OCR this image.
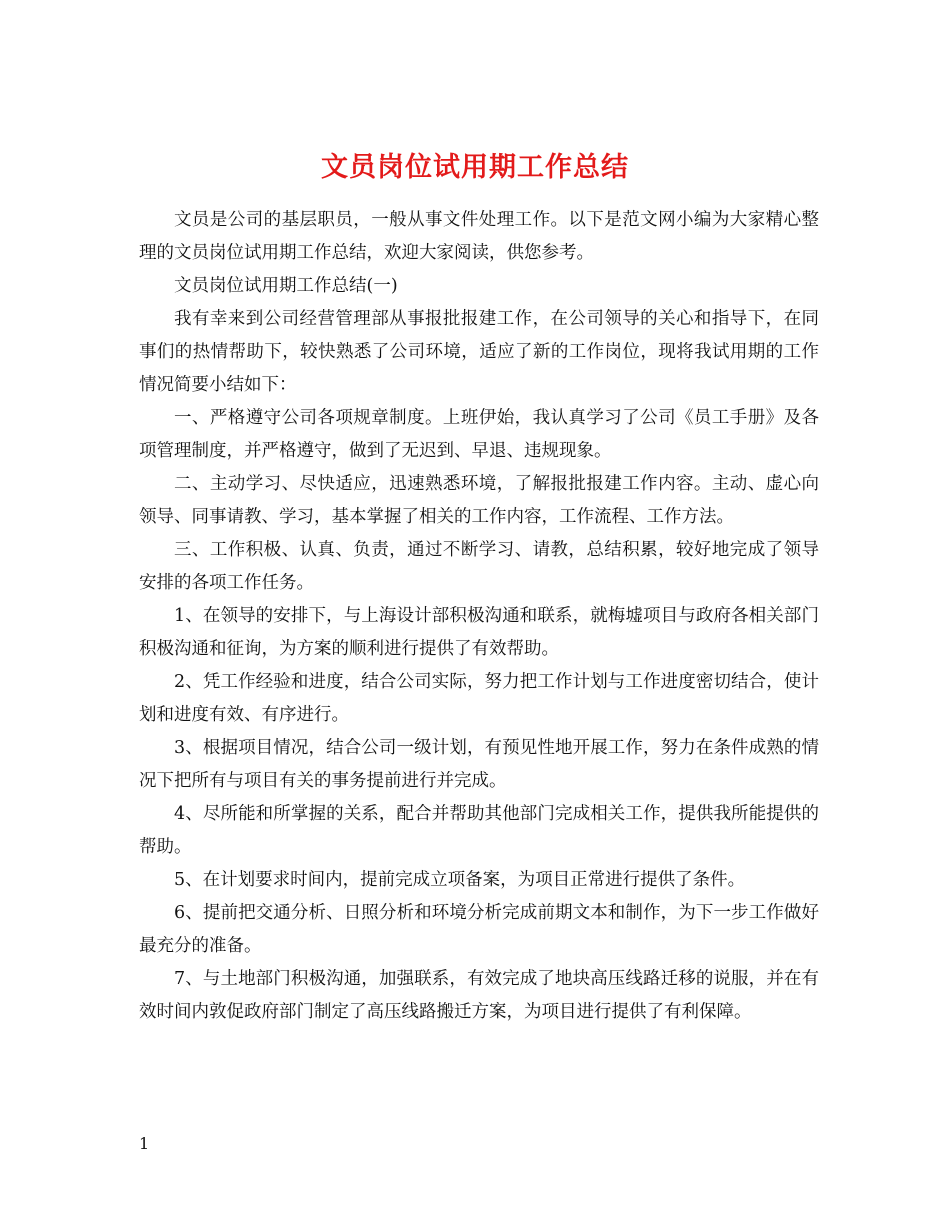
文员岗位试用期工作总结

文员是公司的基层职员，一般从事文件处理工作。以下是范文网小编为大家精心整理的文员岗位试用期工作总结，欢迎大家阅读，供您参考。

文员岗位试用期工作总结(一)

我有幸来到公司经营管理部从事报批报建工作，在公司领导的关心和指导下，在同事们的热情帮助下，较快熟悉了公司环境，适应了新的工作岗位，现将我试用期的工作情况简要小结如下：

一、严格遵守公司各项规章制度。上班伊始，我认真学习了公司《员工手册》及各项管理制度，并严格遵守，做到了无迟到、早退、违规现象。

二、主动学习、尽快适应，迅速熟悉环境，了解报批报建工作内容。主动、虚心向领导、同事请教、学习，基本掌握了相关的工作内容，工作流程、工作方法。

三、工作积极、认真、负责，通过不断学习、请教，总结积累，较好地完成了领导安排的各项工作任务。

1、在领导的安排下，与上海设计部积极沟通和联系，就梅墟项目与政府各相关部门积极沟通和征询，为方案的顺利进行提供了有效帮助。

2、凭工作经验和进度，结合公司实际，努力把工作计划与工作进度密切结合，使计划和进度有效、有序进行。

3、根据项目情况，结合公司一级计划，有预见性地开展工作，努力在条件成熟的情况下把所有与项目有关的事务提前进行并完成。

4、尽所能和所掌握的关系，配合并帮助其他部门完成相关工作，提供我所能提供的帮助。

5、在计划要求时间内，提前完成立项备案，为项目正常进行提供了条件。

6、提前把交通分析、日照分析和环境分析完成前期文本和制作，为下一步工作做好最充分的准备。

7、与土地部门积极沟通，加强联系，有效完成了地块高压线路迁移的说服，并在有效时间内敦促政府部门制定了高压线路搬迁方案，为项目进行提供了有利保障。

1
